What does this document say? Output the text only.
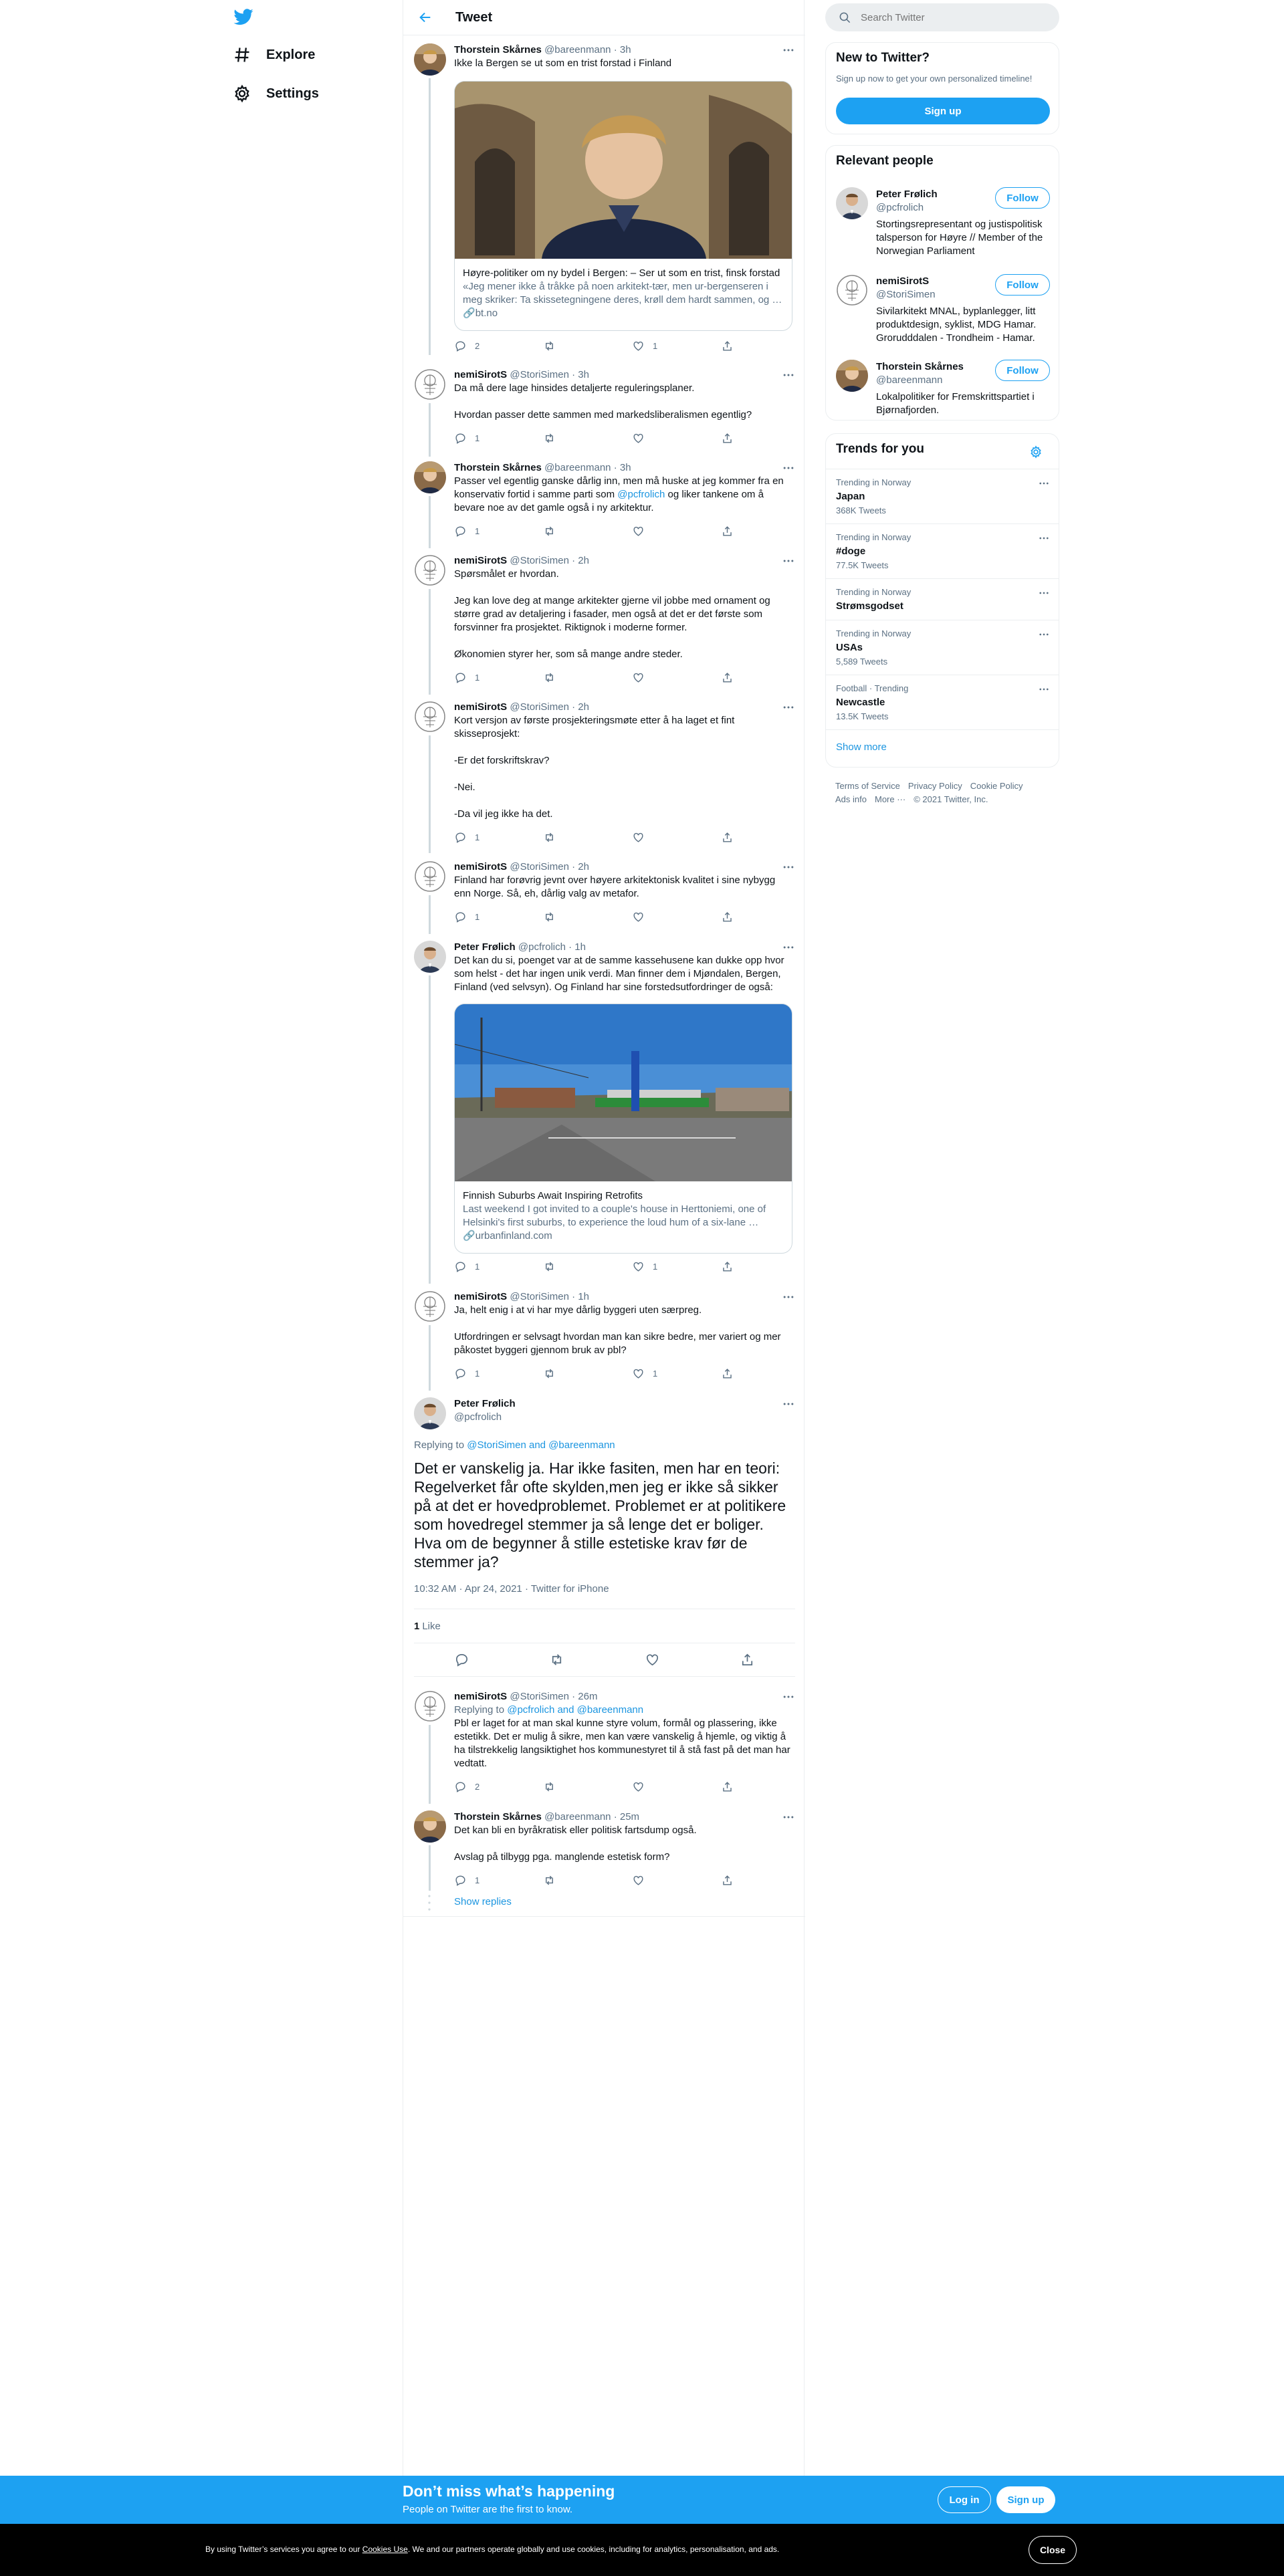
Explore
Settings
Tweet
Thorstein Skårnes @bareenmann · 3h
Ikke la Bergen se ut som en trist forstad i Finland
Høyre-politiker om ny bydel i Bergen: – Ser ut som en trist, finsk forstad
«Jeg mener ikke å tråkke på noen arkitekt-tær, men ur-bergenseren i meg skriker: Ta skissetegningene deres, krøll dem hardt sammen, og …
🔗bt.no
2	1
nemiSirotS @StoriSimen · 3h
Da må dere lage hinsides detaljerte reguleringsplaner.

Hvordan passer dette sammen med markedsliberalismen egentlig?
1
Thorstein Skårnes @bareenmann · 3h
Passer vel egentlig ganske dårlig inn, men må huske at jeg kommer fra en konservativ fortid i samme parti som @pcfrolich og liker tankene om å bevare noe av det gamle også i ny arkitektur.
1
nemiSirotS @StoriSimen · 2h
Spørsmålet er hvordan.

Jeg kan love deg at mange arkitekter gjerne vil jobbe med ornament og større grad av detaljering i fasader, men også at det er det første som forsvinner fra prosjektet. Riktignok i moderne former.

Økonomien styrer her, som så mange andre steder.
1
nemiSirotS @StoriSimen · 2h
Kort versjon av første prosjekteringsmøte etter å ha laget et fint skisseprosjekt:

-Er det forskriftskrav?

-Nei.

-Da vil jeg ikke ha det.
1
nemiSirotS @StoriSimen · 2h
Finland har forøvrig jevnt over høyere arkitektonisk kvalitet i sine nybygg enn Norge. Så, eh, dårlig valg av metafor.
1
Peter Frølich @pcfrolich · 1h
Det kan du si, poenget var at de samme kassehusene kan dukke opp hvor som helst - det har ingen unik verdi. Man finner dem i Mjøndalen, Bergen, Finland (ved selvsyn). Og Finland har sine forstedsutfordringer de også:
Finnish Suburbs Await Inspiring Retrofits
Last weekend I got invited to a couple's house in Herttoniemi, one of Helsinki's first suburbs, to experience the loud hum of a six-lane …
🔗urbanfinland.com
1	1
nemiSirotS @StoriSimen · 1h
Ja, helt enig i at vi har mye dårlig byggeri uten særpreg.

Utfordringen er selvsagt hvordan man kan sikre bedre, mer variert og mer påkostet byggeri gjennom bruk av pbl?
1	1
Peter Frølich
@pcfrolich
Replying to @StoriSimen and @bareenmann
Det er vanskelig ja. Har ikke fasiten, men har en teori: Regelverket får ofte skylden,men jeg er ikke så sikker på at det er hovedproblemet. Problemet er at politikere som hovedregel stemmer ja så lenge det er boliger. Hva om de begynner å stille estetiske krav før de stemmer ja?
10:32 AM · Apr 24, 2021 · Twitter for iPhone
1 Like
nemiSirotS @StoriSimen · 26m
Replying to @pcfrolich and @bareenmann
Pbl er laget for at man skal kunne styre volum, formål og plassering, ikke estetikk. Det er mulig å sikre, men kan være vanskelig å hjemle, og viktig å ha tilstrekkelig langsiktighet hos kommunestyret til å stå fast på det man har vedtatt.
2
Thorstein Skårnes @bareenmann · 25m
Det kan bli en byråkratisk eller politisk fartsdump også.

Avslag på tilbygg pga. manglende estetisk form?
1
Show replies
Search Twitter
New to Twitter?
Sign up now to get your own personalized timeline!
Sign up
Relevant people
Peter Frølich
@pcfrolich
Follow
Stortingsrepresentant og justispolitisk talsperson for Høyre // Member of the Norwegian Parliament
nemiSirotS
@StoriSimen
Follow
Sivilarkitekt MNAL, byplanlegger, litt produktdesign, syklist, MDG Hamar. Grorudddalen - Trondheim - Hamar.
Thorstein Skårnes
@bareenmann
Follow
Lokalpolitiker for Fremskrittspartiet i Bjørnafjorden.
Trends for you
Trending in Norway
Japan
368K Tweets
Trending in Norway
#doge
77.5K Tweets
Trending in Norway
Strømsgodset
Trending in Norway
USAs
5,589 Tweets
Football · Trending
Newcastle
13.5K Tweets
Show more
Terms of Service Privacy Policy Cookie Policy
Ads info More ··· © 2021 Twitter, Inc.
Don’t miss what’s happening
People on Twitter are the first to know.
Log in	Sign up
By using Twitter’s services you agree to our Cookies Use. We and our partners operate globally and use cookies, including for analytics, personalisation, and ads.	Close
